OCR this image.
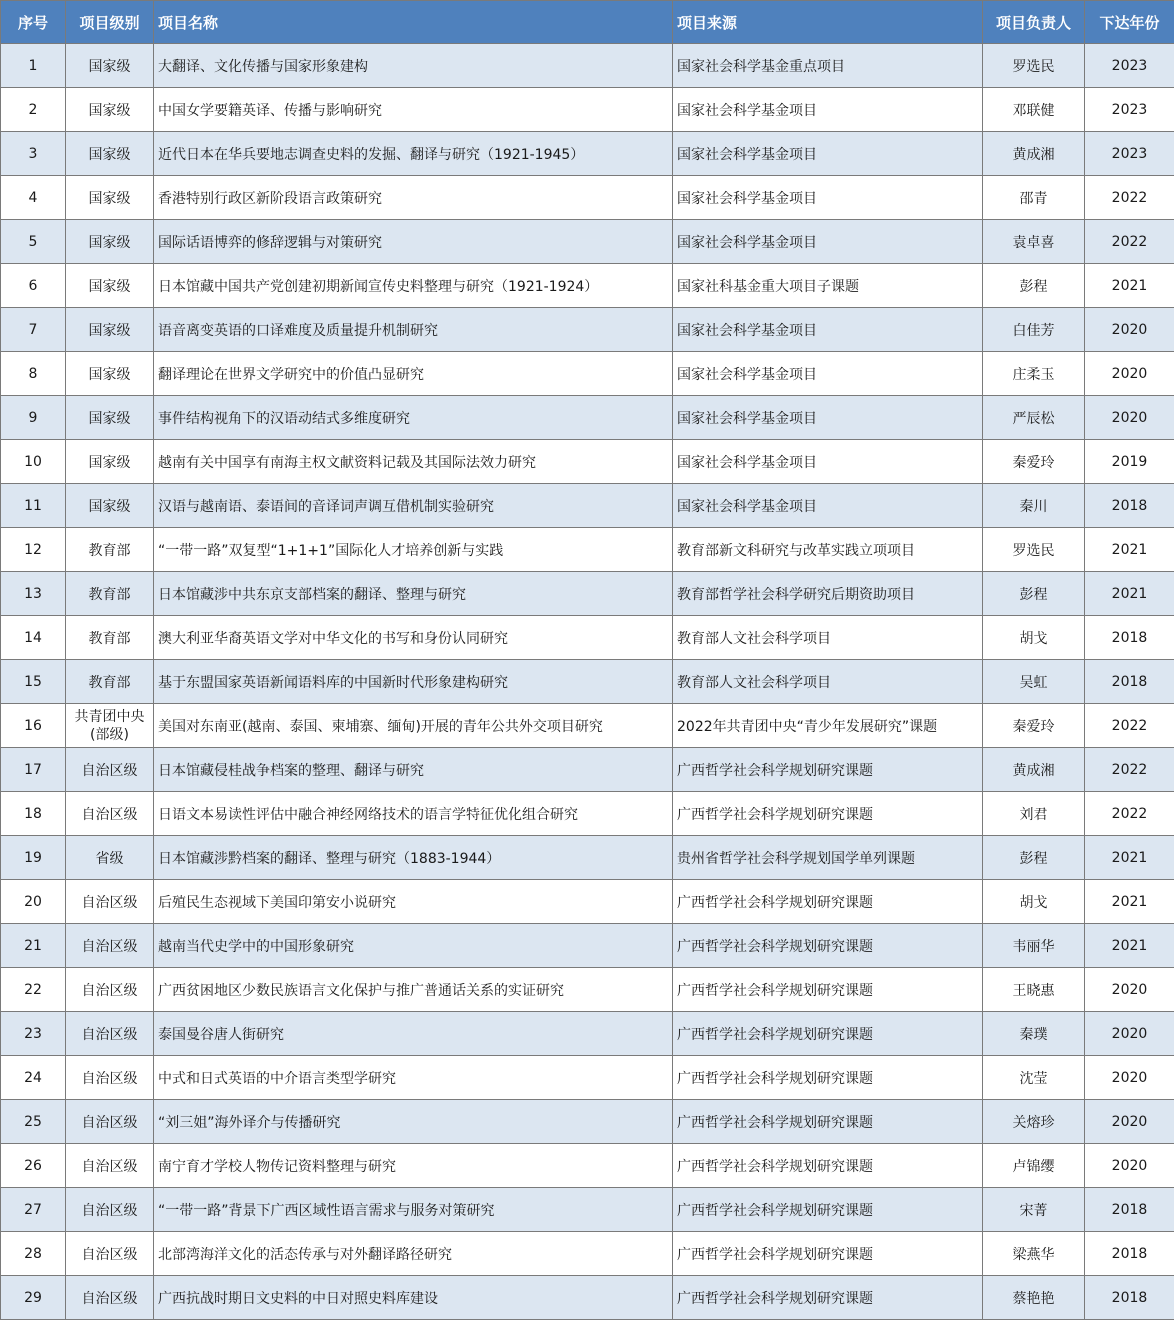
序号	项目级别	项目名称	项目来源	项目负责人	下达年份
1	国家级	大翻译、文化传播与国家形象建构	国家社会科学基金重点项目	罗选民	2023
2	国家级	中国女学要籍英译、传播与影响研究	国家社会科学基金项目	邓联健	2023
3	国家级	近代日本在华兵要地志调查史料的发掘、翻译与研究（1921-1945）	国家社会科学基金项目	黄成湘	2023
4	国家级	香港特别行政区新阶段语言政策研究	国家社会科学基金项目	邵青	2022
5	国家级	国际话语博弈的修辞逻辑与对策研究	国家社会科学基金项目	袁卓喜	2022
6	国家级	日本馆藏中国共产党创建初期新闻宣传史料整理与研究（1921-1924）	国家社科基金重大项目子课题	彭程	2021
7	国家级	语音离变英语的口译难度及质量提升机制研究	国家社会科学基金项目	白佳芳	2020
8	国家级	翻译理论在世界文学研究中的价值凸显研究	国家社会科学基金项目	庄柔玉	2020
9	国家级	事件结构视角下的汉语动结式多维度研究	国家社会科学基金项目	严辰松	2020
10	国家级	越南有关中国享有南海主权文献资料记载及其国际法效力研究	国家社会科学基金项目	秦爱玲	2019
11	国家级	汉语与越南语、泰语间的音译词声调互借机制实验研究	国家社会科学基金项目	秦川	2018
12	教育部	“一带一路”双复型“1+1+1”国际化人才培养创新与实践	教育部新文科研究与改革实践立项项目	罗选民	2021
13	教育部	日本馆藏涉中共东京支部档案的翻译、整理与研究	教育部哲学社会科学研究后期资助项目	彭程	2021
14	教育部	澳大利亚华裔英语文学对中华文化的书写和身份认同研究	教育部人文社会科学项目	胡戈	2018
15	教育部	基于东盟国家英语新闻语料库的中国新时代形象建构研究	教育部人文社会科学项目	吴虹	2018
16	共青团中央(部级)	美国对东南亚(越南、泰国、柬埔寨、缅甸)开展的青年公共外交项目研究	2022年共青团中央“青少年发展研究”课题	秦爱玲	2022
17	自治区级	日本馆藏侵桂战争档案的整理、翻译与研究	广西哲学社会科学规划研究课题	黄成湘	2022
18	自治区级	日语文本易读性评估中融合神经网络技术的语言学特征优化组合研究	广西哲学社会科学规划研究课题	刘君	2022
19	省级	日本馆藏涉黔档案的翻译、整理与研究（1883-1944）	贵州省哲学社会科学规划国学单列课题	彭程	2021
20	自治区级	后殖民生态视域下美国印第安小说研究	广西哲学社会科学规划研究课题	胡戈	2021
21	自治区级	越南当代史学中的中国形象研究	广西哲学社会科学规划研究课题	韦丽华	2021
22	自治区级	广西贫困地区少数民族语言文化保护与推广普通话关系的实证研究	广西哲学社会科学规划研究课题	王晓惠	2020
23	自治区级	泰国曼谷唐人街研究	广西哲学社会科学规划研究课题	秦璞	2020
24	自治区级	中式和日式英语的中介语言类型学研究	广西哲学社会科学规划研究课题	沈莹	2020
25	自治区级	“刘三姐”海外译介与传播研究	广西哲学社会科学规划研究课题	关熔珍	2020
26	自治区级	南宁育才学校人物传记资料整理与研究	广西哲学社会科学规划研究课题	卢锦缨	2020
27	自治区级	“一带一路”背景下广西区域性语言需求与服务对策研究	广西哲学社会科学规划研究课题	宋菁	2018
28	自治区级	北部湾海洋文化的活态传承与对外翻译路径研究	广西哲学社会科学规划研究课题	梁燕华	2018
29	自治区级	广西抗战时期日文史料的中日对照史料库建设	广西哲学社会科学规划研究课题	蔡艳艳	2018
